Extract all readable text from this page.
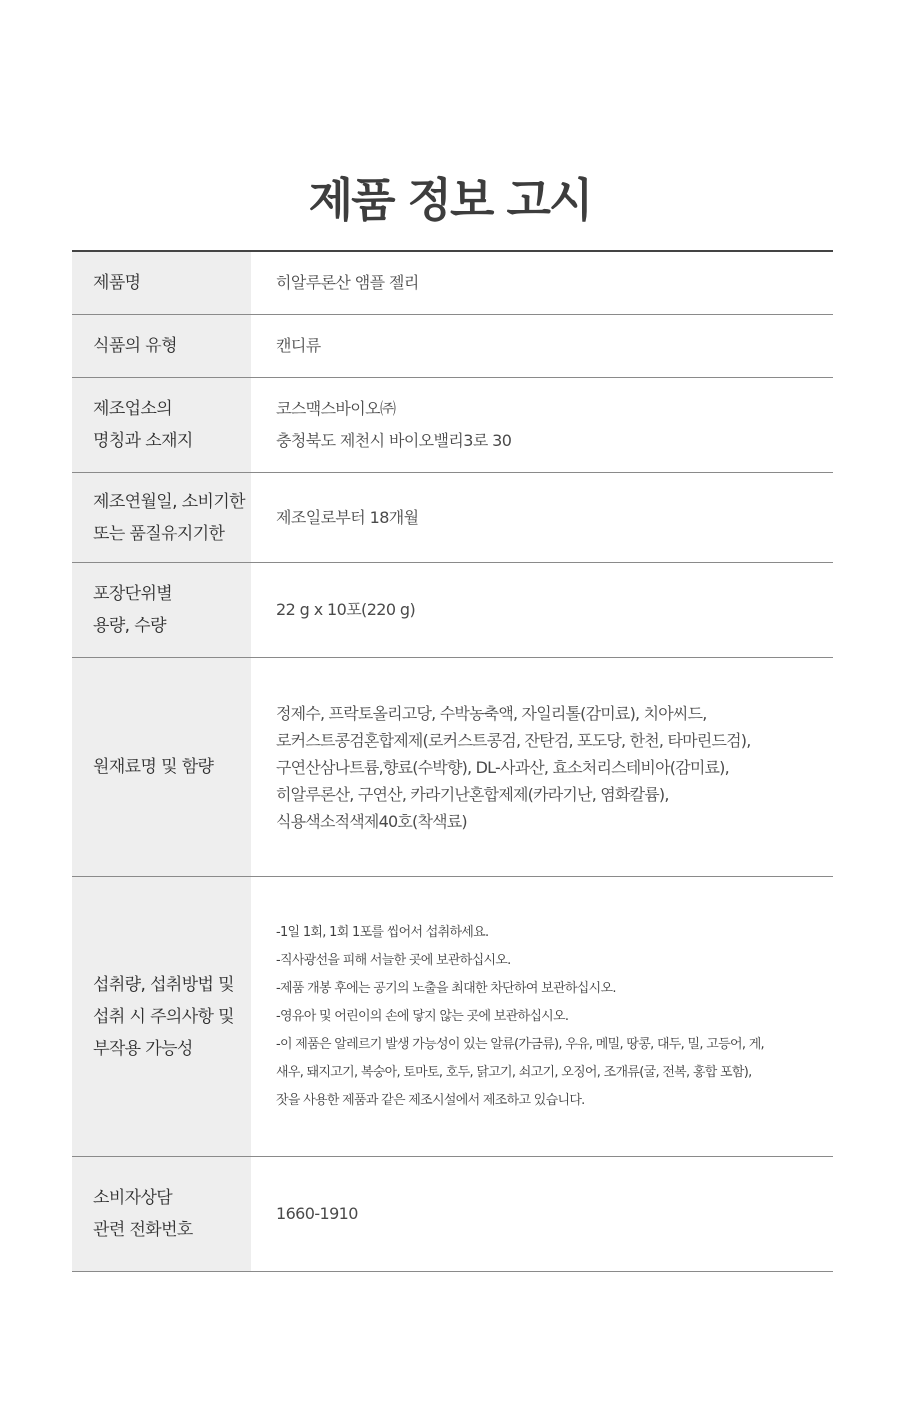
제품 정보 고시
제품명	히알루론산 앰플 젤리
식품의 유형	캔디류
제조업소의
명칭과 소재지
코스맥스바이오㈜
충청북도 제천시 바이오밸리3로 30
제조연월일, 소비기한
또는 품질유지기한
제조일로부터 18개월
포장단위별
용량, 수량
22 g x 10포(220 g)
원재료명 및 함량
정제수, 프락토올리고당, 수박농축액, 자일리톨(감미료), 치아씨드,
로커스트콩검혼합제제(로커스트콩검, 잔탄검, 포도당, 한천, 타마린드검),
구연산삼나트륨,향료(수박향), DL-사과산, 효소처리스테비아(감미료),
히알루론산, 구연산, 카라기난혼합제제(카라기난, 염화칼륨),
식용색소적색제40호(착색료)
섭취량, 섭취방법 및
섭취 시 주의사항 및
부작용 가능성
-1일 1회, 1회 1포를 씹어서 섭취하세요.
-직사광선을 피해 서늘한 곳에 보관하십시오.
-제품 개봉 후에는 공기의 노출을 최대한 차단하여 보관하십시오.
-영유아 및 어린이의 손에 닿지 않는 곳에 보관하십시오.
-이 제품은 알레르기 발생 가능성이 있는 알류(가금류), 우유, 메밀, 땅콩, 대두, 밀, 고등어, 게,
새우, 돼지고기, 복숭아, 토마토, 호두, 닭고기, 쇠고기, 오징어, 조개류(굴, 전복, 홍합 포함),
잣을 사용한 제품과 같은 제조시설에서 제조하고 있습니다.
소비자상담
관련 전화번호
1660-1910
